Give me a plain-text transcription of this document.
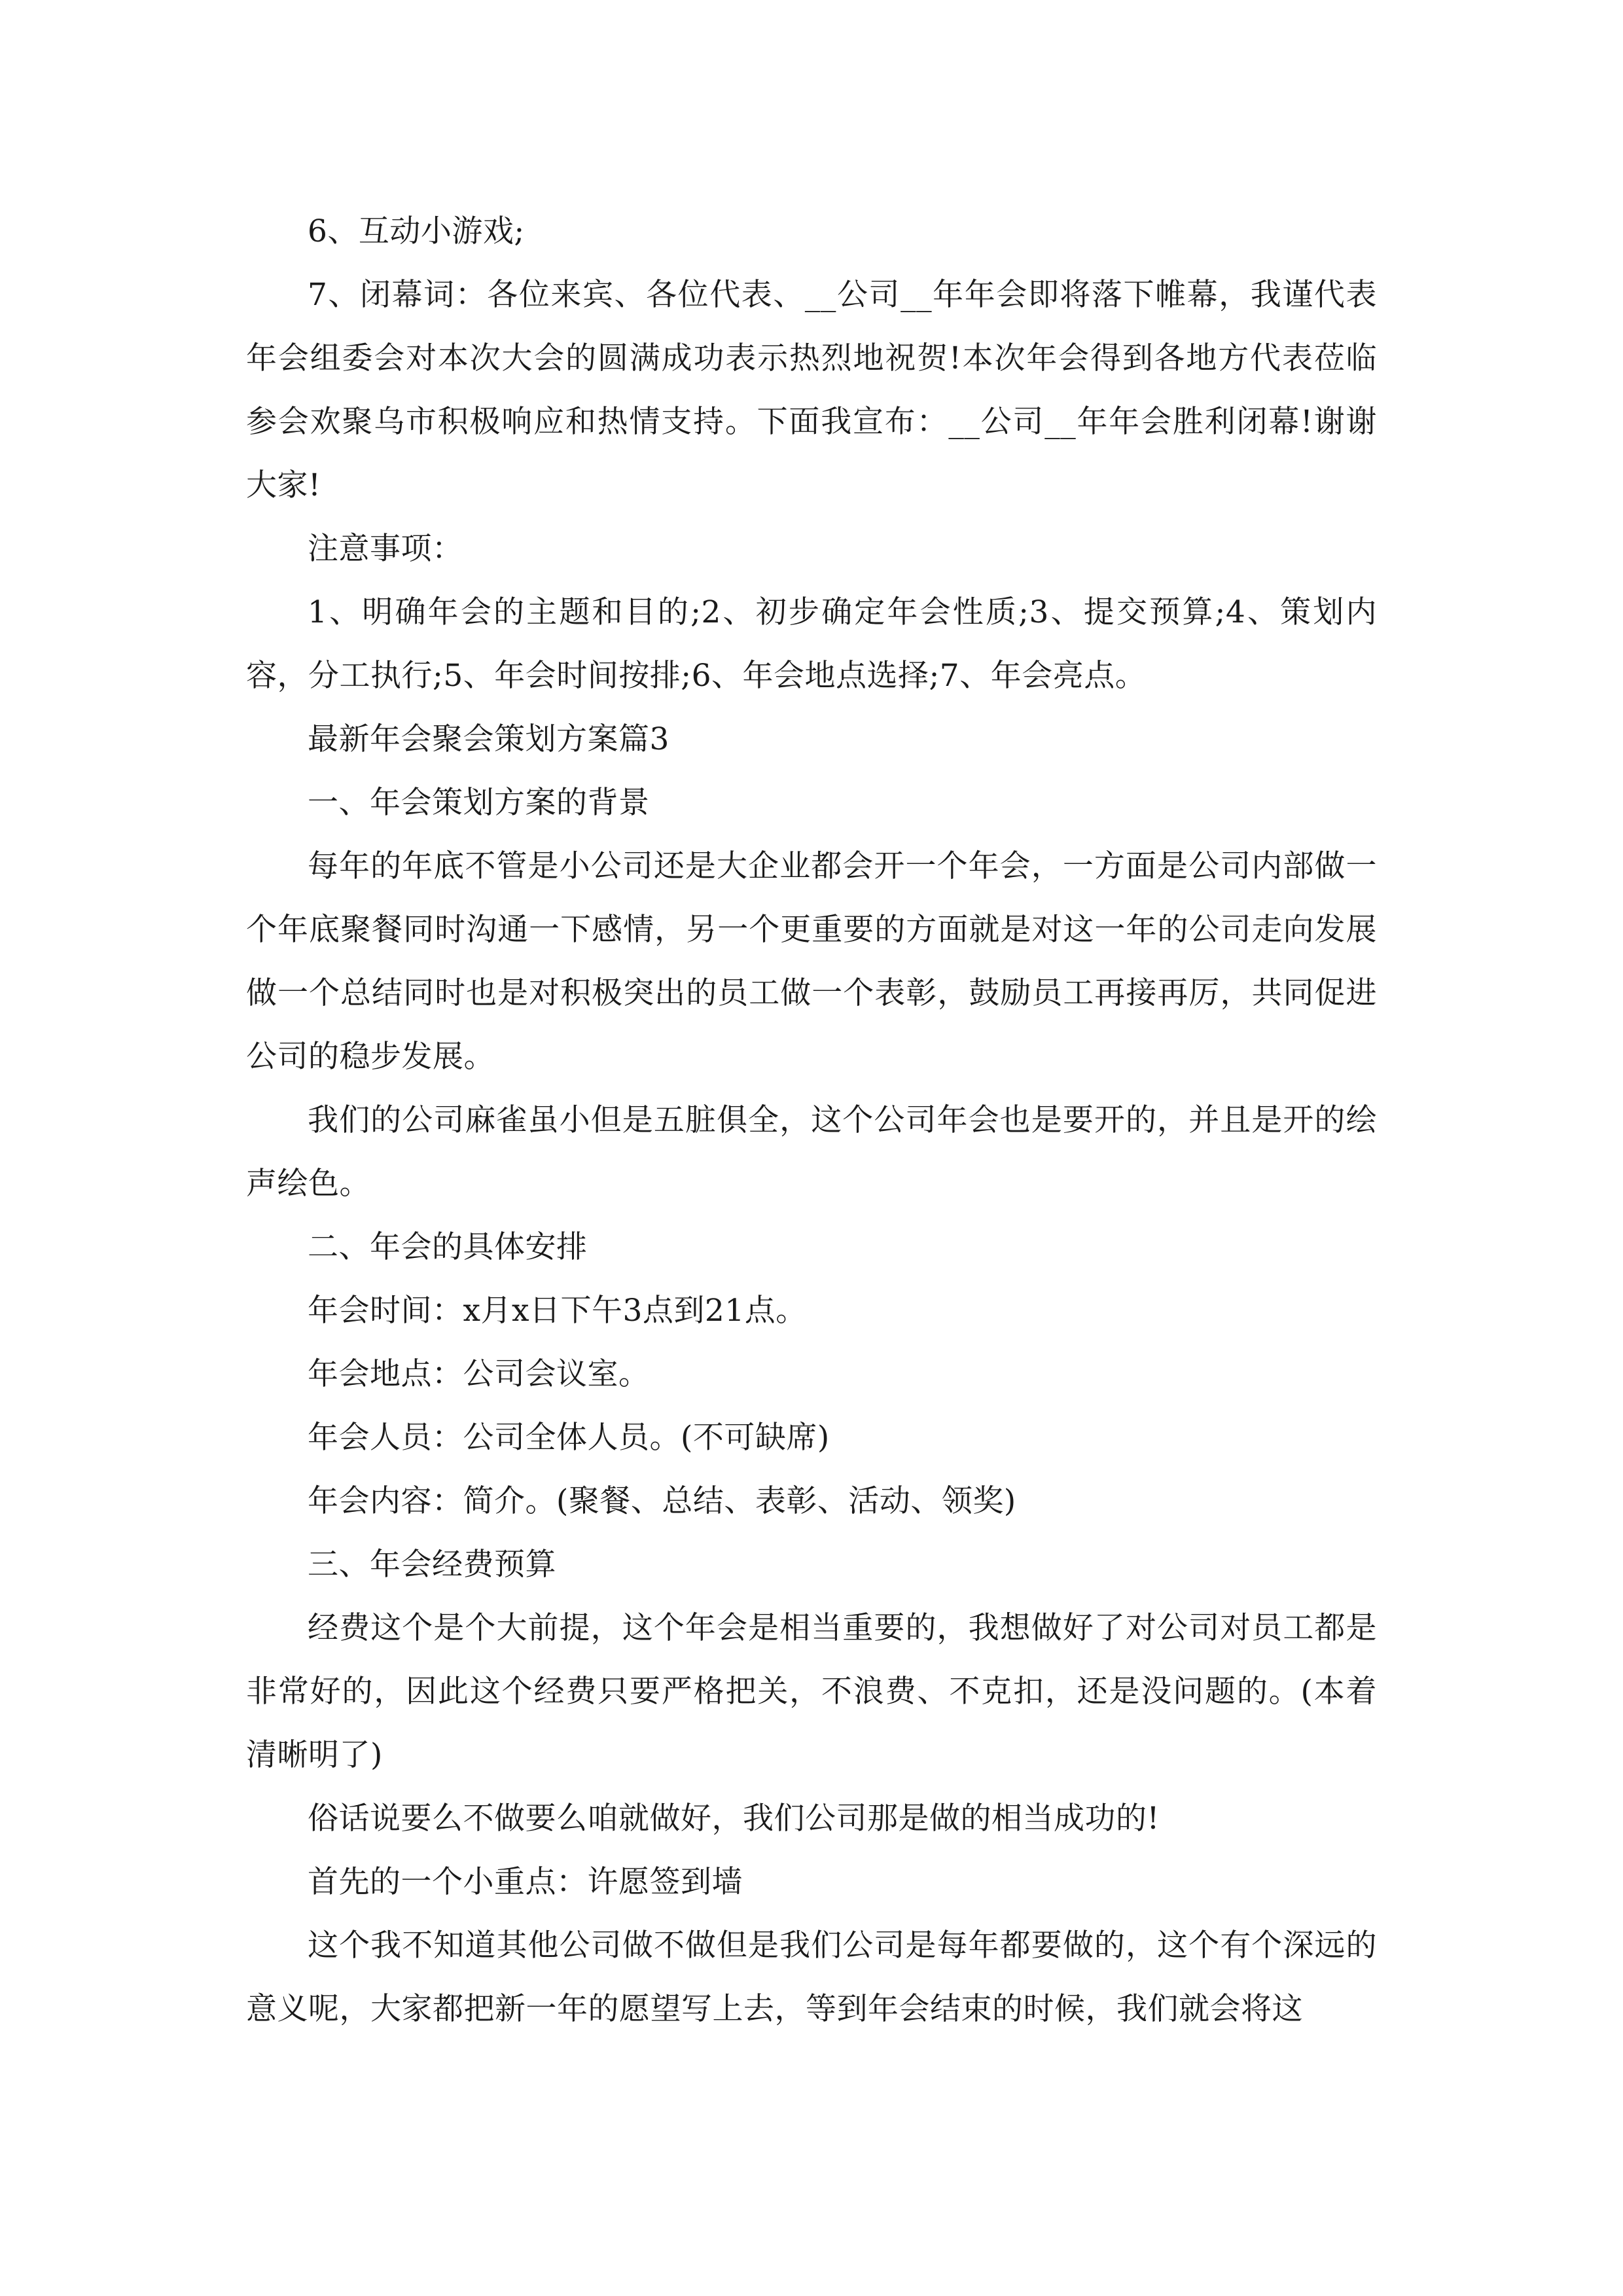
6、互动小游戏;

7、闭幕词：各位来宾、各位代表、__公司__年年会即将落下帷幕，我谨代表年会组委会对本次大会的圆满成功表示热烈地祝贺!本次年会得到各地方代表莅临参会欢聚乌市积极响应和热情支持。下面我宣布：__公司__年年会胜利闭幕!谢谢大家!

注意事项：

1、明确年会的主题和目的;2、初步确定年会性质;3、提交预算;4、策划内容，分工执行;5、年会时间按排;6、年会地点选择;7、年会亮点。

最新年会聚会策划方案篇3

一、年会策划方案的背景

每年的年底不管是小公司还是大企业都会开一个年会，一方面是公司内部做一个年底聚餐同时沟通一下感情，另一个更重要的方面就是对这一年的公司走向发展做一个总结同时也是对积极突出的员工做一个表彰，鼓励员工再接再厉，共同促进公司的稳步发展。

我们的公司麻雀虽小但是五脏俱全，这个公司年会也是要开的，并且是开的绘声绘色。

二、年会的具体安排

年会时间：x月x日下午3点到21点。

年会地点：公司会议室。

年会人员：公司全体人员。(不可缺席)

年会内容：简介。(聚餐、总结、表彰、活动、领奖)

三、年会经费预算

经费这个是个大前提，这个年会是相当重要的，我想做好了对公司对员工都是非常好的，因此这个经费只要严格把关，不浪费、不克扣，还是没问题的。(本着清晰明了)

俗话说要么不做要么咱就做好，我们公司那是做的相当成功的!

首先的一个小重点：许愿签到墙

这个我不知道其他公司做不做但是我们公司是每年都要做的，这个有个深远的意义呢，大家都把新一年的愿望写上去，等到年会结束的时候，我们就会将这
